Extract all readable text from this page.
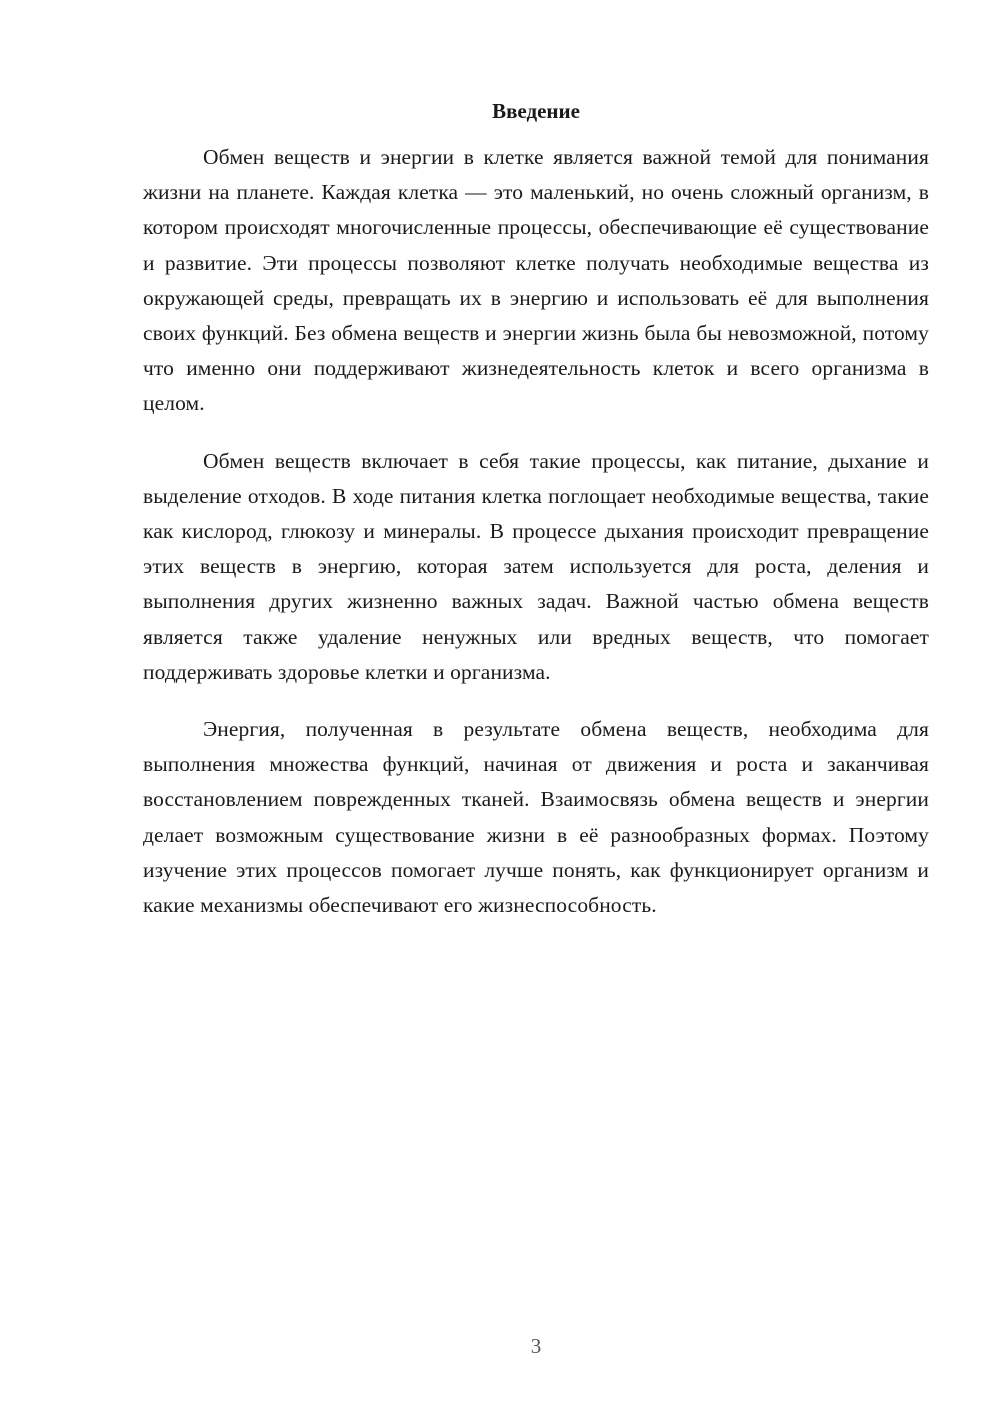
Введение

Обмен веществ и энергии в клетке является важной темой для понимания жизни на планете. Каждая клетка — это маленький, но очень сложный организм, в котором происходят многочисленные процессы, обеспечивающие её существование и развитие. Эти процессы позволяют клетке получать необходимые вещества из окружающей среды, превращать их в энергию и использовать её для выполнения своих функций. Без обмена веществ и энергии жизнь была бы невозможной, потому что именно они поддерживают жизнедеятельность клеток и всего организма в целом.

Обмен веществ включает в себя такие процессы, как питание, дыхание и выделение отходов. В ходе питания клетка поглощает необходимые вещества, такие как кислород, глюкозу и минералы. В процессе дыхания происходит превращение этих веществ в энергию, которая затем используется для роста, деления и выполнения других жизненно важных задач. Важной частью обмена веществ является также удаление ненужных или вредных веществ, что помогает поддерживать здоровье клетки и организма.

Энергия, полученная в результате обмена веществ, необходима для выполнения множества функций, начиная от движения и роста и заканчивая восстановлением поврежденных тканей. Взаимосвязь обмена веществ и энергии делает возможным существование жизни в её разнообразных формах. Поэтому изучение этих процессов помогает лучше понять, как функционирует организм и какие механизмы обеспечивают его жизнеспособность.

3
